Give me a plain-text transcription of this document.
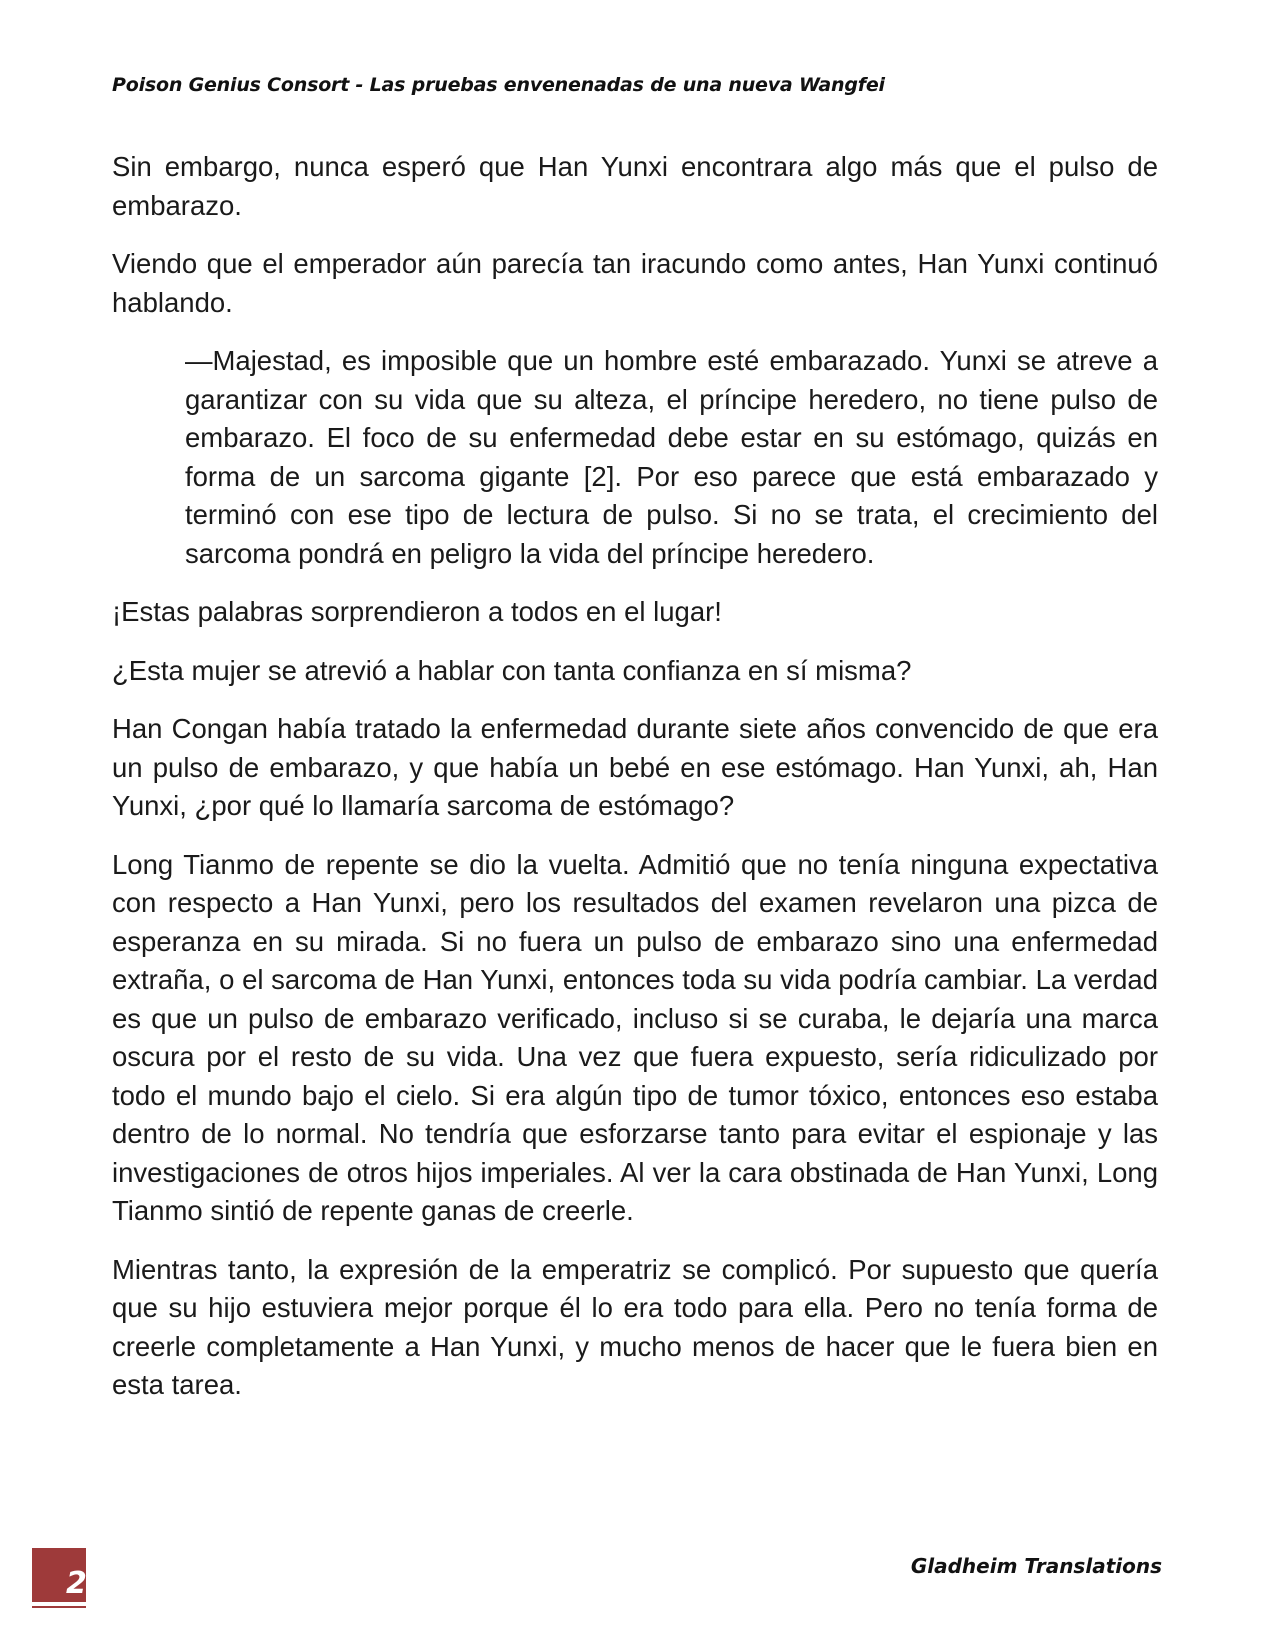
Poison Genius Consort - Las pruebas envenenadas de una nueva Wangfei

Sin embargo, nunca esperó que Han Yunxi encontrara algo más que el pulso de embarazo.

Viendo que el emperador aún parecía tan iracundo como antes, Han Yunxi continuó hablando.

—Majestad, es imposible que un hombre esté embarazado. Yunxi se atreve a garantizar con su vida que su alteza, el príncipe heredero, no tiene pulso de embarazo. El foco de su enfermedad debe estar en su estómago, quizás en forma de un sarcoma gigante [2]. Por eso parece que está embarazado y terminó con ese tipo de lectura de pulso. Si no se trata, el crecimiento del sarcoma pondrá en peligro la vida del príncipe heredero.

¡Estas palabras sorprendieron a todos en el lugar!

¿Esta mujer se atrevió a hablar con tanta confianza en sí misma?

Han Congan había tratado la enfermedad durante siete años convencido de que era un pulso de embarazo, y que había un bebé en ese estómago. Han Yunxi, ah, Han Yunxi, ¿por qué lo llamaría sarcoma de estómago?

Long Tianmo de repente se dio la vuelta. Admitió que no tenía ninguna expectativa con respecto a Han Yunxi, pero los resultados del examen revelaron una pizca de esperanza en su mirada. Si no fuera un pulso de embarazo sino una enfermedad extraña, o el sarcoma de Han Yunxi, entonces toda su vida podría cambiar. La verdad es que un pulso de embarazo verificado, incluso si se curaba, le dejaría una marca oscura por el resto de su vida. Una vez que fuera expuesto, sería ridiculizado por todo el mundo bajo el cielo. Si era algún tipo de tumor tóxico, entonces eso estaba dentro de lo normal. No tendría que esforzarse tanto para evitar el espionaje y las investigaciones de otros hijos imperiales. Al ver la cara obstinada de Han Yunxi, Long Tianmo sintió de repente ganas de creerle.

Mientras tanto, la expresión de la emperatriz se complicó. Por supuesto que quería que su hijo estuviera mejor porque él lo era todo para ella. Pero no tenía forma de creerle completamente a Han Yunxi, y mucho menos de hacer que le fuera bien en esta tarea.

2	Gladheim Translations
